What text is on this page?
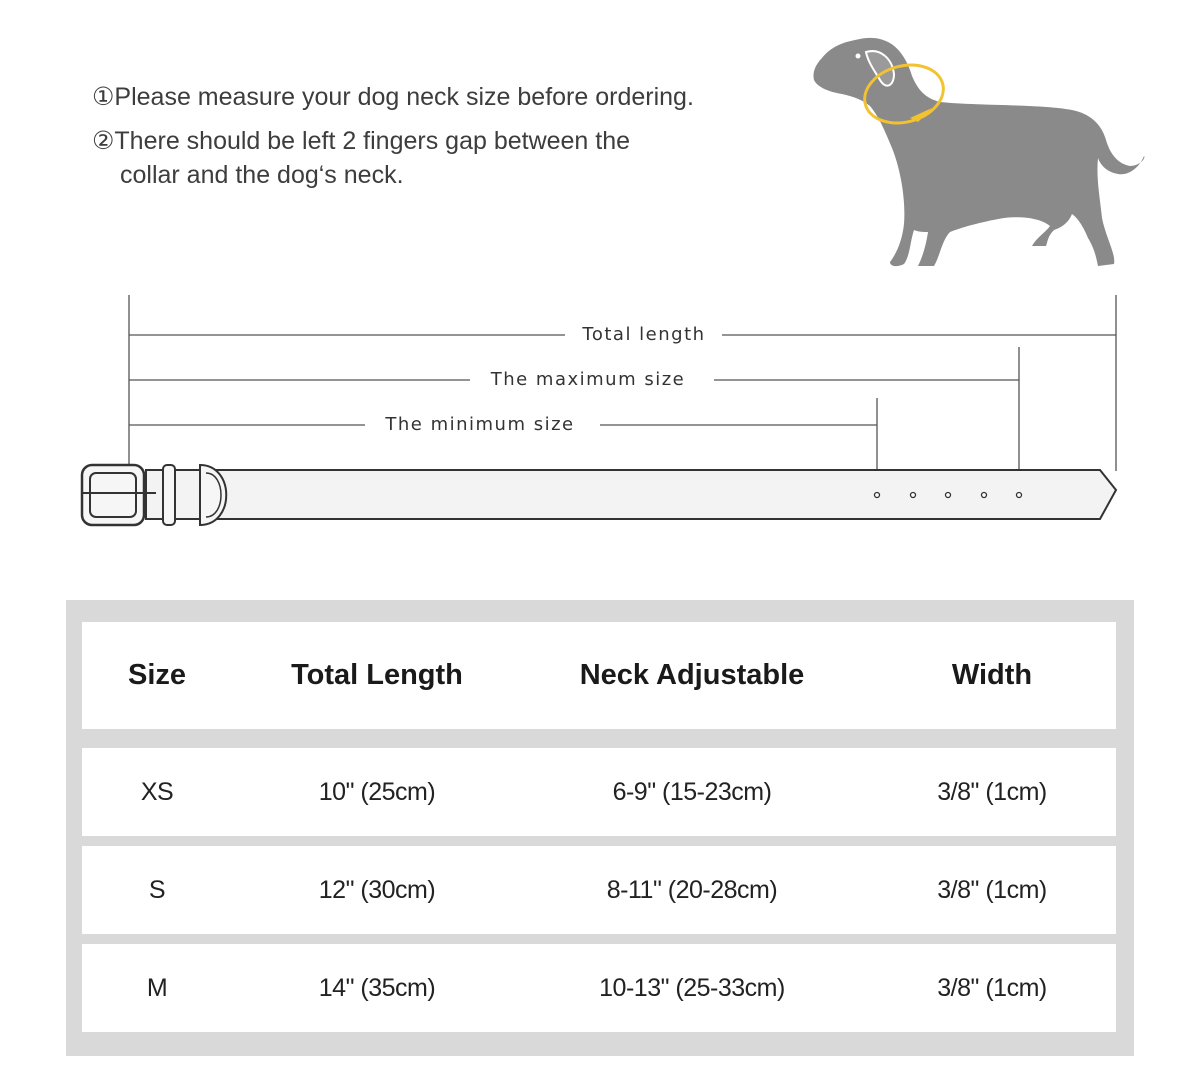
①Please measure your dog neck size before ordering.

②There should be left 2 fingers gap between the

collar and the dog‘s neck.

Total length
The maximum size
The minimum size
Size	Total Length	Neck Adjustable	Width
XS	10" (25cm)	6-9" (15-23cm)	3/8" (1cm)
S	12" (30cm)	8-11" (20-28cm)	3/8" (1cm)
M	14" (35cm)	10-13" (25-33cm)	3/8" (1cm)
